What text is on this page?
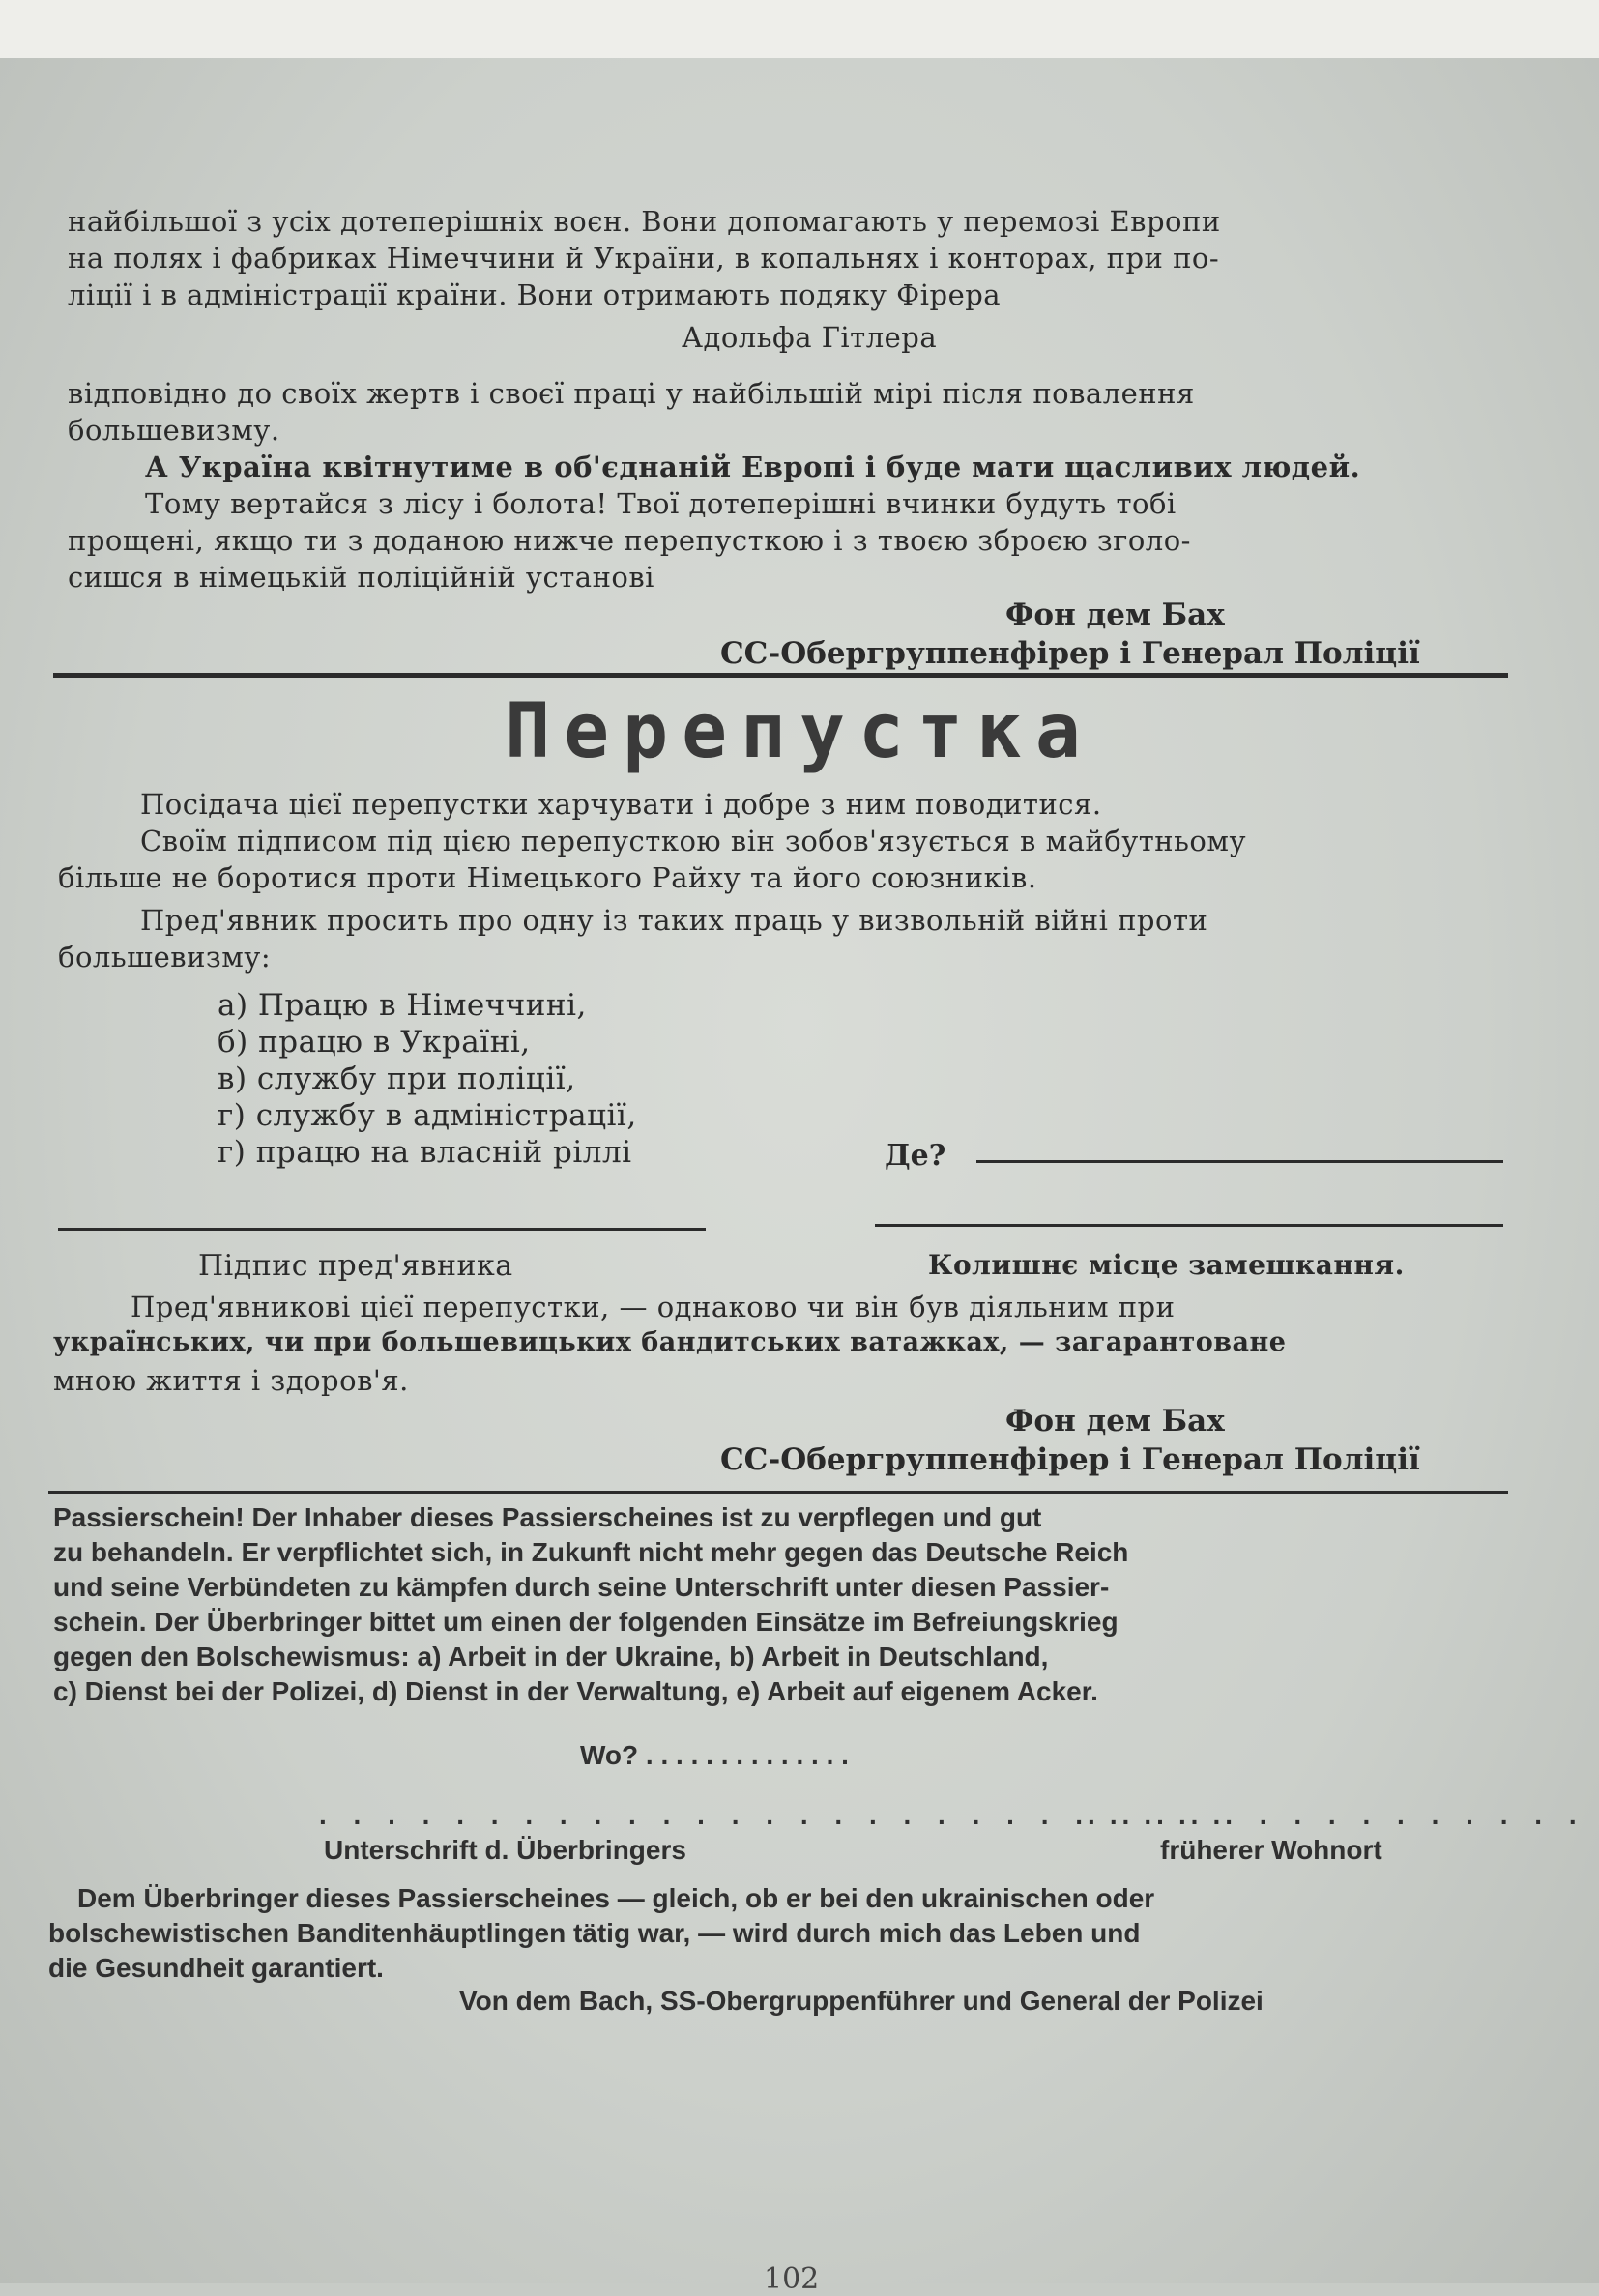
найбільшої з усіх дотеперішніх воєн. Вони допомагають у перемозі Европи
на полях і фабриках Німеччини й України, в копальнях і конторах, при по-
ліції і в адміністрації країни. Вони отримають подяку Фірера
Адольфа Гітлера
відповідно до своїх жертв і своєї праці у найбільшій мірі після повалення
большевизму.
А Україна квітнутиме в об'єднаній Европі і буде мати щасливих людей.
Тому вертайся з лісу і болота! Твої дотеперішні вчинки будуть тобі
прощені, якщо ти з доданою нижче перепусткою і з твоєю зброєю зголо-
сишся в німецькій поліційній установі
Фон дем Бах
СС-Обергруппенфірер і Генерал Поліції
Перепустка
Посідача цієї перепустки харчувати і добре з ним поводитися.
Своїм підписом під цією перепусткою він зобов'язується в майбутньому
більше не боротися проти Німецького Райху та його союзників.
Пред'явник просить про одну із таких праць у визвольній війні проти
большевизму:
а) Працю в Німеччині,
б) працю в Україні,
в) службу при поліції,
г) службу в адміністрації,
г) працю на власній ріллі	Де?
Підпис пред'явника	Колишнє місце замешкання.
Пред'явникові цієї перепустки, — однаково чи він був діяльним при
українських, чи при большевицьких бандитських ватажках, — загарантоване
мною життя і здоров'я.
Фон дем Бах
СС-Обергруппенфірер і Генерал Поліції
Passierschein! Der Inhaber dieses Passierscheines ist zu verpflegen und gut
zu behandeln. Er verpflichtet sich, in Zukunft nicht mehr gegen das Deutsche Reich
und seine Verbündeten zu kämpfen durch seine Unterschrift unter diesen Passier-
schein. Der Überbringer bittet um einen der folgenden Einsätze im Befreiungskrieg
gegen den Bolschewismus: a) Arbeit in der Ukraine, b) Arbeit in Deutschland,
c) Dienst bei der Polizei, d) Dienst in der Verwaltung, e) Arbeit auf eigenem Acker.
Wo? . . . . . . . . . . . . . .
. . . . . . . . . . . . . . . . . . . . . . . . . . .
. . . . . . . . . . . . . . .
Unterschrift d. Überbringers	früherer Wohnort
Dem Überbringer dieses Passierscheines — gleich, ob er bei den ukrainischen oder
bolschewistischen Banditenhäuptlingen tätig war, — wird durch mich das Leben und
die Gesundheit garantiert.
Von dem Bach, SS-Obergruppenführer und General der Polizei
102
